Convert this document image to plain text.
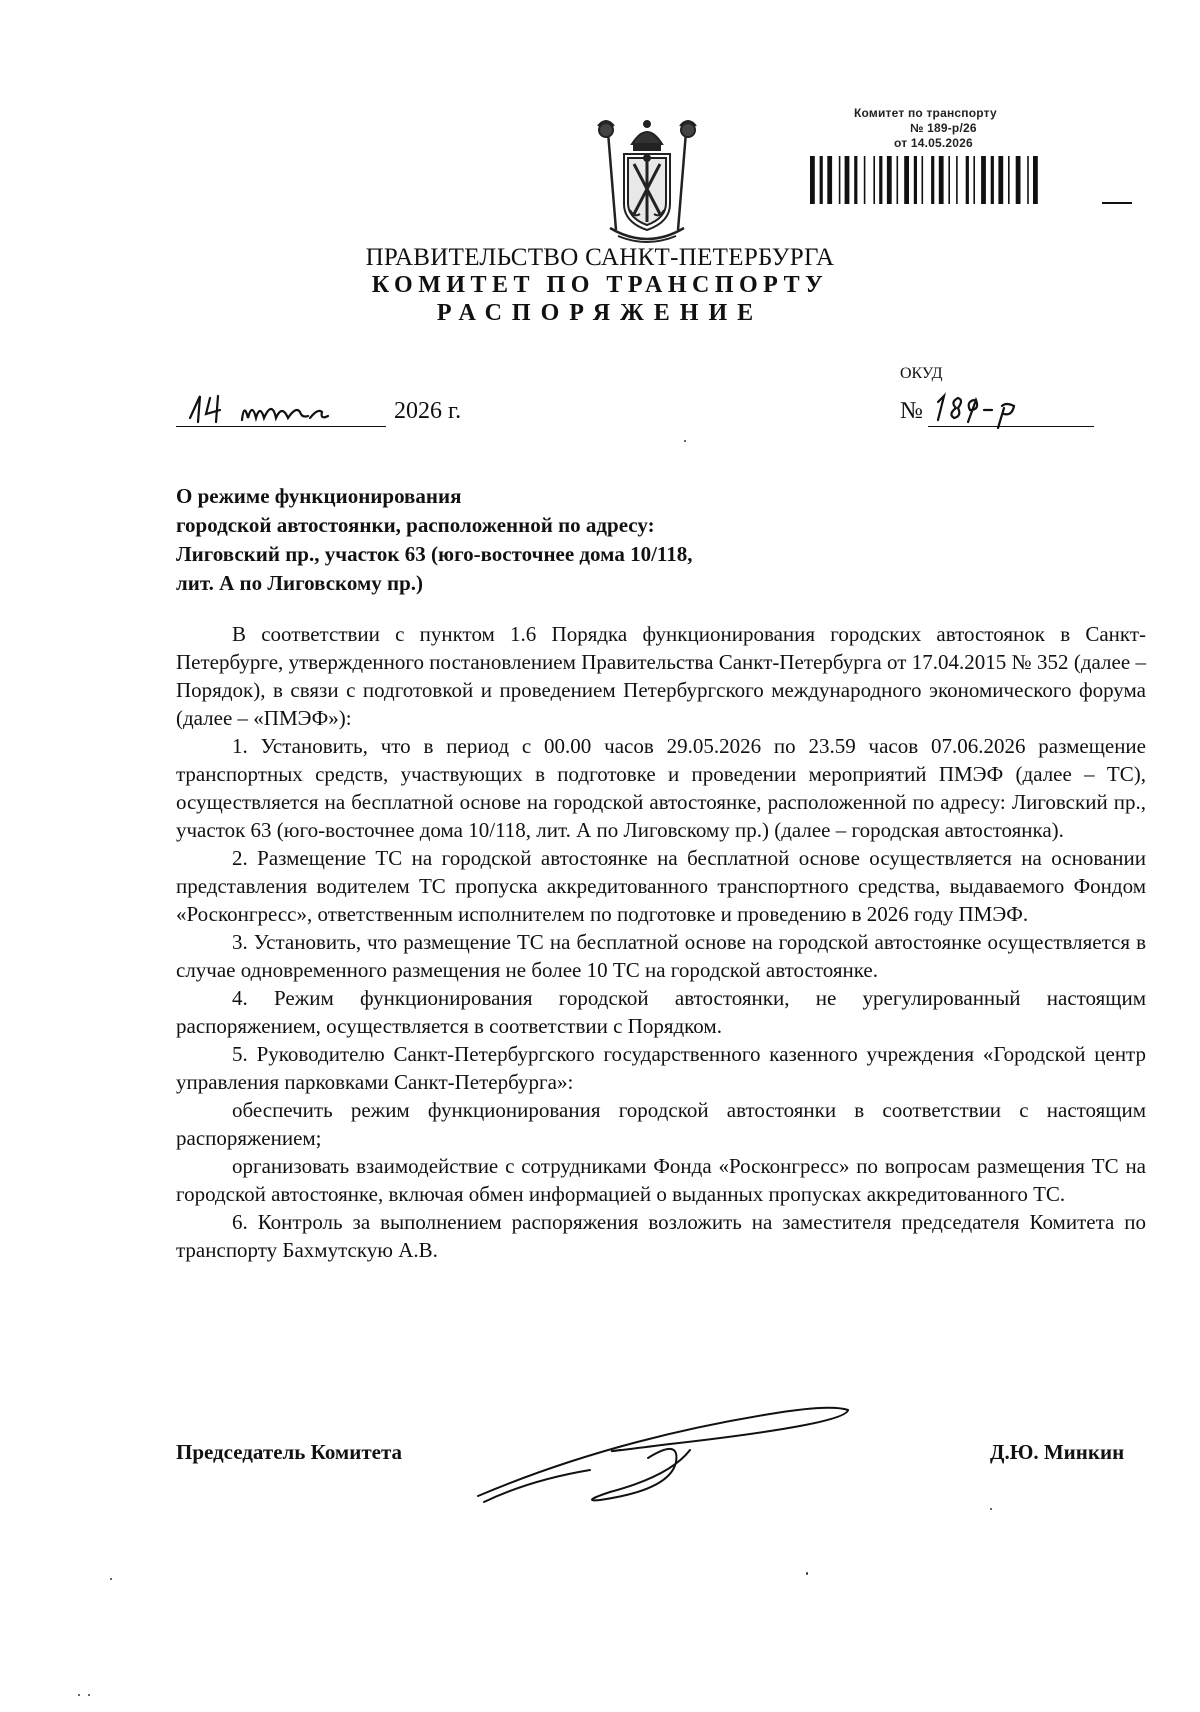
Комитет по транспорту
№ 189-р/26
от 14.05.2026
ПРАВИТЕЛЬСТВО САНКТ-ПЕТЕРБУРГА
КОМИТЕТ ПО ТРАНСПОРТУ
РАСПОРЯЖЕНИЕ
ОКУД
2026 г.	№
О режиме функционирования
городской автостоянки, расположенной по адресу:
Лиговский пр., участок 63 (юго-восточнее дома 10/118,
лит. А по Лиговскому пр.)

В соответствии с пунктом 1.6 Порядка функционирования городских автостоянок в Санкт-Петербурге, утвержденного постановлением Правительства Санкт-Петербурга от 17.04.2015 № 352 (далее – Порядок), в связи с подготовкой и проведением Петербургского международного экономического форума (далее – «ПМЭФ»):

1. Установить, что в период с 00.00 часов 29.05.2026 по 23.59 часов 07.06.2026 размещение транспортных средств, участвующих в подготовке и проведении мероприятий ПМЭФ (далее – ТС), осуществляется на бесплатной основе на городской автостоянке, расположенной по адресу: Лиговский пр., участок 63 (юго-восточнее дома 10/118, лит. А по Лиговскому пр.) (далее – городская автостоянка).

2. Размещение ТС на городской автостоянке на бесплатной основе осуществляется на основании представления водителем ТС пропуска аккредитованного транспортного средства, выдаваемого Фондом «Росконгресс», ответственным исполнителем по подготовке и проведению в 2026 году ПМЭФ.

3. Установить, что размещение ТС на бесплатной основе на городской автостоянке осуществляется в случае одновременного размещения не более 10 ТС на городской автостоянке.

4. Режим функционирования городской автостоянки, не урегулированный настоящим распоряжением, осуществляется в соответствии с Порядком.

5. Руководителю Санкт-Петербургского государственного казенного учреждения «Городской центр управления парковками Санкт-Петербурга»:

обеспечить режим функционирования городской автостоянки в соответствии с настоящим распоряжением;

организовать взаимодействие с сотрудниками Фонда «Росконгресс» по вопросам размещения ТС на городской автостоянке, включая обмен информацией о выданных пропусках аккредитованного ТС.

6. Контроль за выполнением распоряжения возложить на заместителя председателя Комитета по транспорту Бахмутскую А.В.

Председатель Комитета	Д.Ю. Минкин
